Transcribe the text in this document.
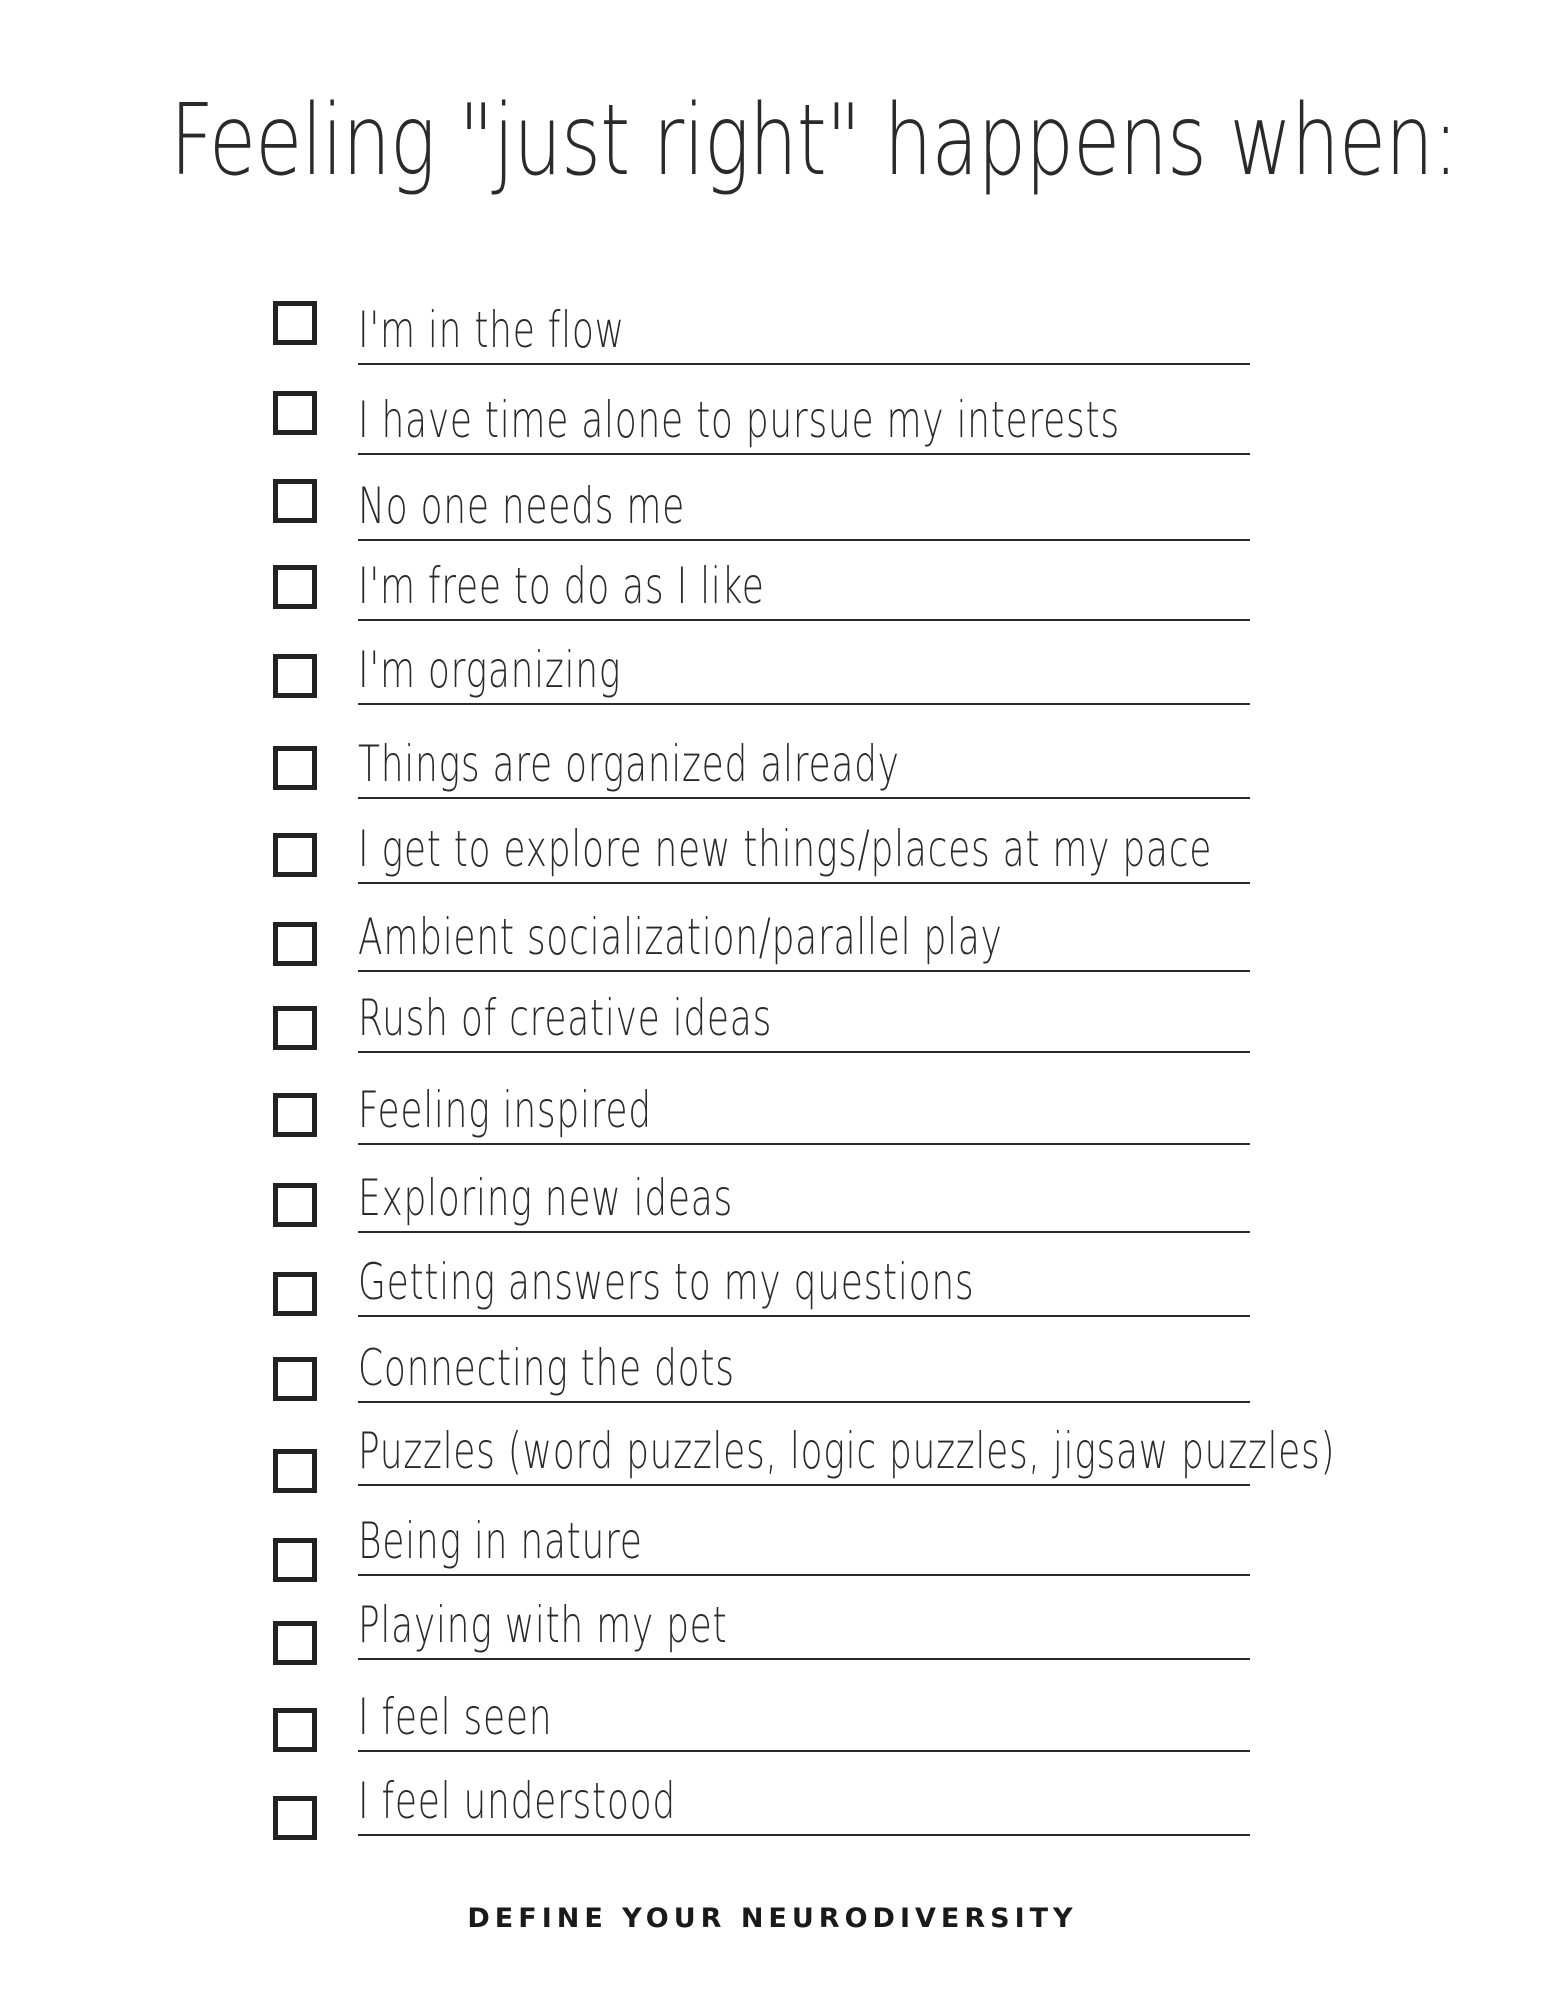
Feeling "just right" happens when:
I'm in the flow
I have time alone to pursue my interests
No one needs me
I'm free to do as I like
I'm organizing
Things are organized already
I get to explore new things/places at my pace
Ambient socialization/parallel play
Rush of creative ideas
Feeling inspired
Exploring new ideas
Getting answers to my questions
Connecting the dots
Puzzles (word puzzles, logic puzzles, jigsaw puzzles)
Being in nature
Playing with my pet
I feel seen
I feel understood
DEFINE YOUR NEURODIVERSITY
